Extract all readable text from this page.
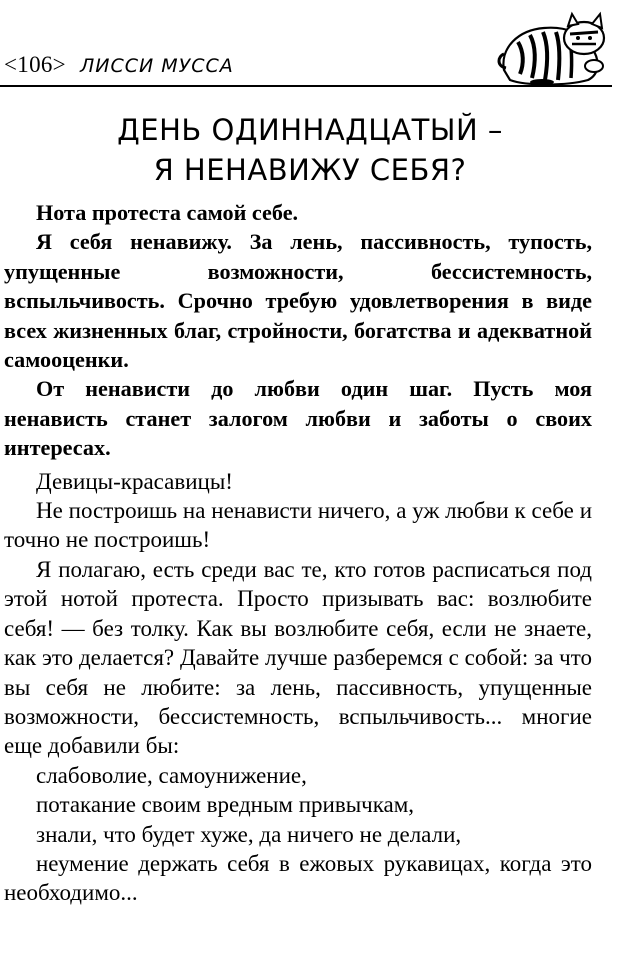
<106> ЛИССИ МУССА
ДЕНЬ ОДИННАДЦАТЫЙ –
Я НЕНАВИЖУ СЕБЯ?

Нота протеста самой себе.

Я себя ненавижу. За лень, пассивность, тупость, упущенные возможности, бессистемность, вспыльчивость. Срочно требую удовлетворения в виде всех жизненных благ, стройности, богатства и адекватной самооценки.

От ненависти до любви один шаг. Пусть моя ненависть станет залогом любви и заботы о своих интересах.

Девицы-красавицы!

Не построишь на ненависти ничего, а уж любви к себе и точно не построишь!

Я полагаю, есть среди вас те, кто готов расписаться под этой нотой протеста. Просто призывать вас: возлюбите себя! — без толку. Как вы возлюбите себя, если не знаете, как это делается? Давайте лучше разберемся с собой: за что вы себя не любите: за лень, пассивность, упущенные возможности, бессистемность, вспыльчивость... многие еще добавили бы:

слабоволие, самоунижение,

потакание своим вредным привычкам,

знали, что будет хуже, да ничего не делали,

неумение держать себя в ежовых рукавицах, когда это необходимо...
